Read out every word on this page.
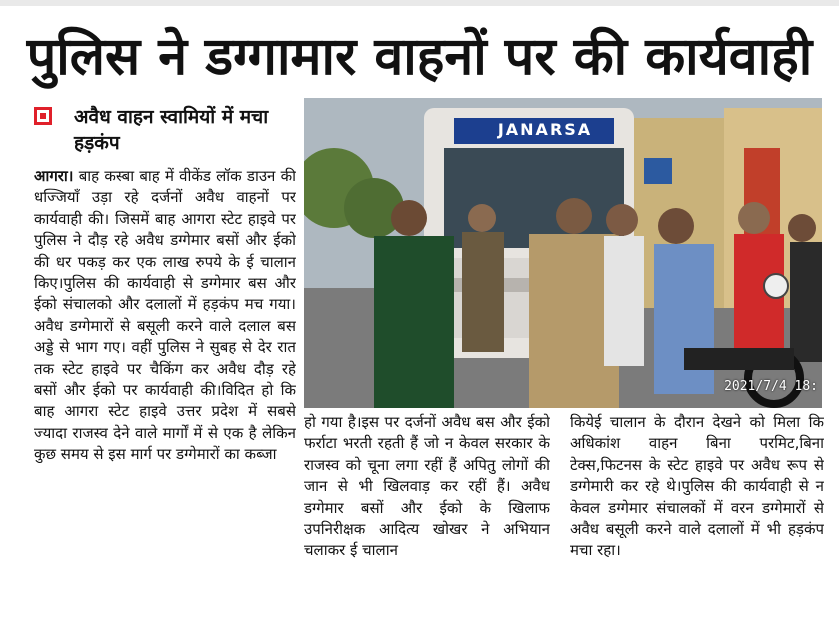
पुलिस ने डग्गामार वाहनों पर की कार्यवाही
अवैध वाहन स्वामियों में मचा हड़कंप
आगरा। बाह कस्बा बाह में वीकेंड लॉक डाउन की धज्जियाँ उड़ा रहे दर्जनों अवैध वाहनों पर कार्यवाही की। जिसमें बाह आगरा स्टेट हाइवे पर पुलिस ने दौड़ रहे अवैध डग्गेमार बसों और ईको की धर पकड़ कर एक लाख रुपये के ई चालान किए।पुलिस की कार्यवाही से डग्गेमार बस और ईको संचालको और दलालों में हड़कंप मच गया।अवैध डग्गेमारों से बसूली करने वाले दलाल बस अड्डे से भाग गए। वहीं पुलिस ने सुबह से देर रात तक स्टेट हाइवे पर चैकिंग कर अवैध दौड़ रहे बसों और ईको पर कार्यवाही की।विदित हो कि बाह आगरा स्टेट हाइवे उत्तर प्रदेश में सबसे ज्यादा राजस्व देने वाले मार्गों में से एक है लेकिन कुछ समय से इस मार्ग पर डग्गेमारों का कब्जा
JANARSA
2021/7/4 18:
हो गया है।इस पर दर्जनों अवैध बस और ईको फर्राटा भरती रहती हैं जो न केवल सरकार के राजस्व को चूना लगा रहीं हैं अपितु लोगों की जान से भी खिलवाड़ कर रहीं हैं। अवैध डग्गेमार बसों और ईको के खिलाफ उपनिरीक्षक आदित्य खोखर ने अभियान चलाकर ई चालान
कियेई चालान के दौरान देखने को मिला कि अधिकांश वाहन बिना परमिट,बिना टेक्स,फिटनस के स्टेट हाइवे पर अवैध रूप से डग्गेमारी कर रहे थे।पुलिस की कार्यवाही से न केवल डग्गेमार संचालकों में वरन डग्गेमारों से अवैध बसूली करने वाले दलालों में भी हड़कंप मचा रहा।
